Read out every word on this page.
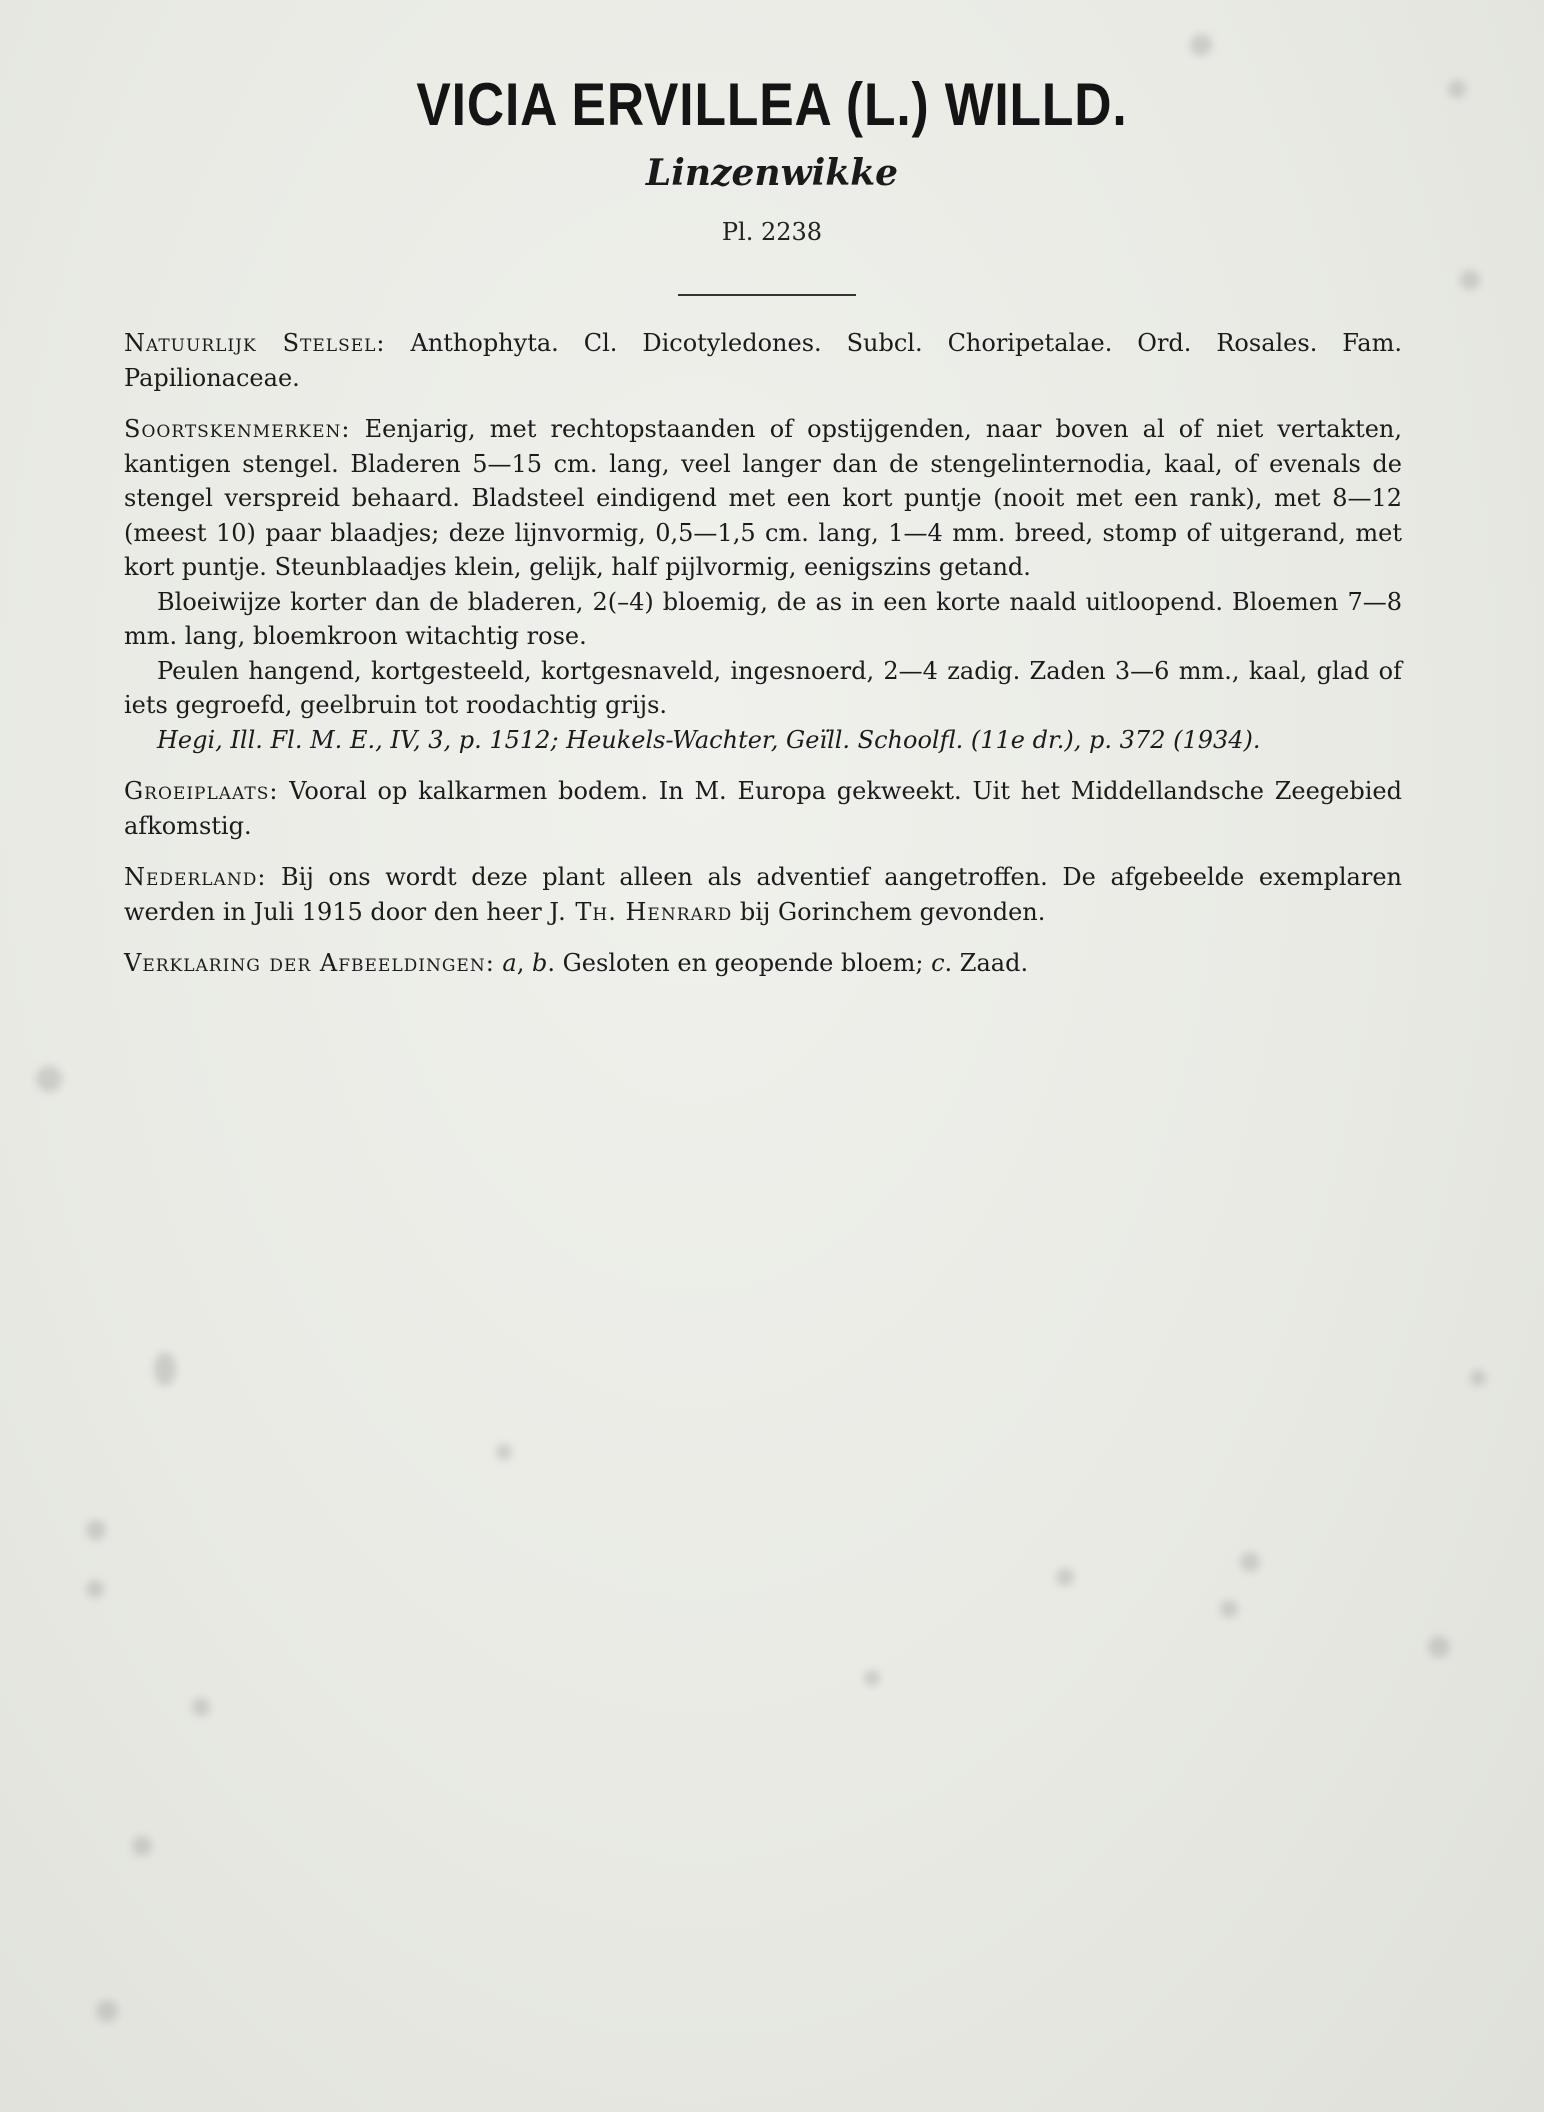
VICIA ERVILLEA (L.) WILLD.
Linzenwikke
Pl. 2238

Natuurlijk Stelsel: Anthophyta. Cl. Dicotyledones. Subcl. Choripetalae. Ord. Rosales. Fam. Papilionaceae.

Soortskenmerken: Eenjarig, met rechtopstaanden of opstijgenden, naar boven al of niet vertakten, kantigen stengel. Bladeren 5—15 cm. lang, veel langer dan de stengelinternodia, kaal, of evenals de stengel verspreid behaard. Bladsteel eindigend met een kort puntje (nooit met een rank), met 8—12 (meest 10) paar blaadjes; deze lijnvormig, 0,5—1,5 cm. lang, 1—4 mm. breed, stomp of uitgerand, met kort puntje. Steunblaadjes klein, gelijk, half pijlvormig, eenigszins getand.

Bloeiwijze korter dan de bladeren, 2(–4) bloemig, de as in een korte naald uitloopend. Bloemen 7—8 mm. lang, bloemkroon witachtig rose.

Peulen hangend, kortgesteeld, kortgesnaveld, ingesnoerd, 2—4 zadig. Zaden 3—6 mm., kaal, glad of iets gegroefd, geelbruin tot roodachtig grijs.

Hegi, Ill. Fl. M. E., IV, 3, p. 1512; Heukels-Wachter, Geïll. Schoolfl. (11e dr.), p. 372 (1934).

Groeiplaats: Vooral op kalkarmen bodem. In M. Europa gekweekt. Uit het Middellandsche Zeegebied afkomstig.

Nederland: Bij ons wordt deze plant alleen als adventief aangetroffen. De afgebeelde exemplaren werden in Juli 1915 door den heer J. Th. Henrard bij Gorinchem gevonden.

Verklaring der Afbeeldingen: a, b. Gesloten en geopende bloem; c. Zaad.
